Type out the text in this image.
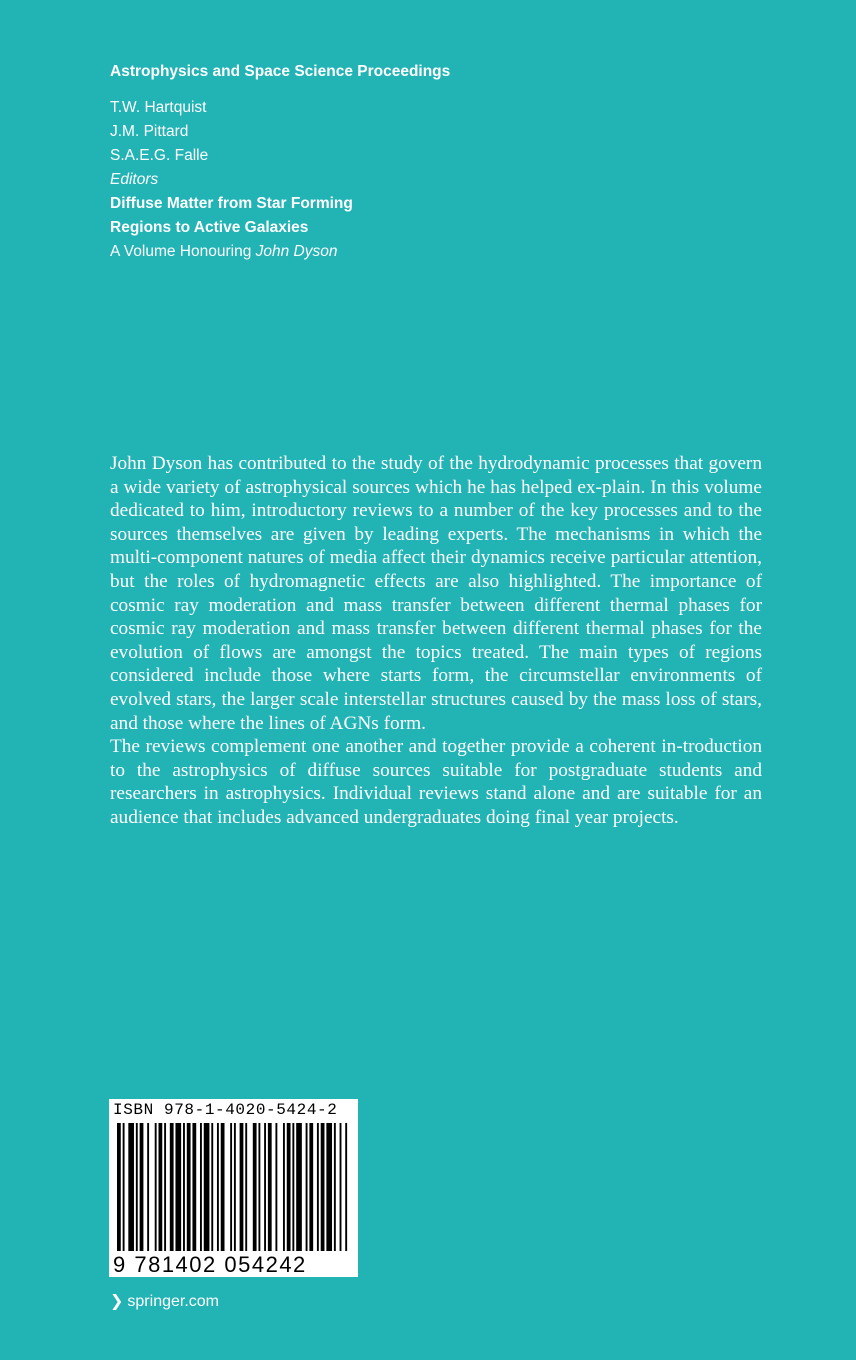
Astrophysics and Space Science Proceedings
T.W. Hartquist
J.M. Pittard
S.A.E.G. Falle
Editors
Diffuse Matter from Star Forming
Regions to Active Galaxies
A Volume Honouring John Dyson

John Dyson has contributed to the study of the hydrodynamic processes that govern a wide variety of astrophysical sources which he has helped ex-plain. In this volume dedicated to him, introductory reviews to a number of the key processes and to the sources themselves are given by leading experts. The mechanisms in which the multi-component natures of media affect their dynamics receive particular attention, but the roles of hydromagnetic effects are also highlighted. The importance of cosmic ray moderation and mass transfer between different thermal phases for cosmic ray moderation and mass transfer between different thermal phases for the evolution of flows are amongst the topics treated. The main types of regions considered include those where starts form, the circumstellar environments of evolved stars, the larger scale interstellar structures caused by the mass loss of stars, and those where the lines of AGNs form.

The reviews complement one another and together provide a coherent in-troduction to the astrophysics of diffuse sources suitable for postgraduate students and researchers in astrophysics. Individual reviews stand alone and are suitable for an audience that includes advanced undergraduates doing final year projects.

ISBN 978-1-4020-5424-2
9 781402 054242
❯ springer.com
